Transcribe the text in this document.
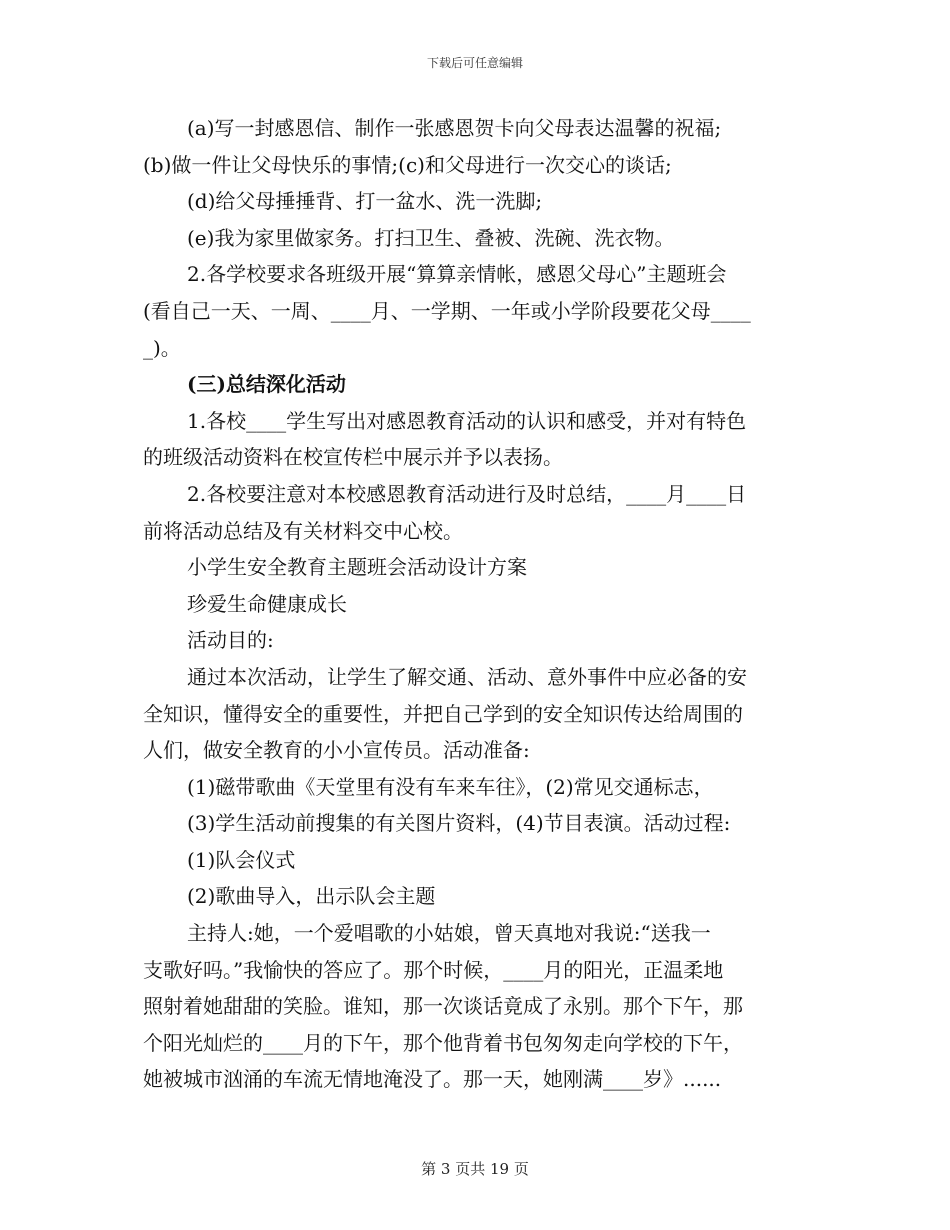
下载后可任意编辑
(a)写一封感恩信、制作一张感恩贺卡向父母表达温馨的祝福;
(b)做一件让父母快乐的事情;(c)和父母进行一次交心的谈话;
(d)给父母捶捶背、打一盆水、洗一洗脚;
(e)我为家里做家务。打扫卫生、叠被、洗碗、洗衣物。
2.各学校要求各班级开展“算算亲情帐，感恩父母心”主题班会
(看自己一天、一周、____月、一学期、一年或小学阶段要花父母____
_)。
(三)总结深化活动
1.各校____学生写出对感恩教育活动的认识和感受，并对有特色
的班级活动资料在校宣传栏中展示并予以表扬。
2.各校要注意对本校感恩教育活动进行及时总结，____月____日
前将活动总结及有关材料交中心校。
小学生安全教育主题班会活动设计方案
珍爱生命健康成长
活动目的:
通过本次活动，让学生了解交通、活动、意外事件中应必备的安
全知识，懂得安全的重要性，并把自己学到的安全知识传达给周围的
人们，做安全教育的小小宣传员。活动准备:
(1)磁带歌曲《天堂里有没有车来车往》，(2)常见交通标志，
(3)学生活动前搜集的有关图片资料，(4)节目表演。活动过程:
(1)队会仪式
(2)歌曲导入，出示队会主题
主持人:她，一个爱唱歌的小姑娘，曾天真地对我说:“送我一
支歌好吗。”我愉快的答应了。那个时候，____月的阳光，正温柔地
照射着她甜甜的笑脸。谁知，那一次谈话竟成了永别。那个下午，那
个阳光灿烂的____月的下午，那个他背着书包匆匆走向学校的下午，
她被城市汹涌的车流无情地淹没了。那一天，她刚满____岁》......
第 3 页共 19 页
